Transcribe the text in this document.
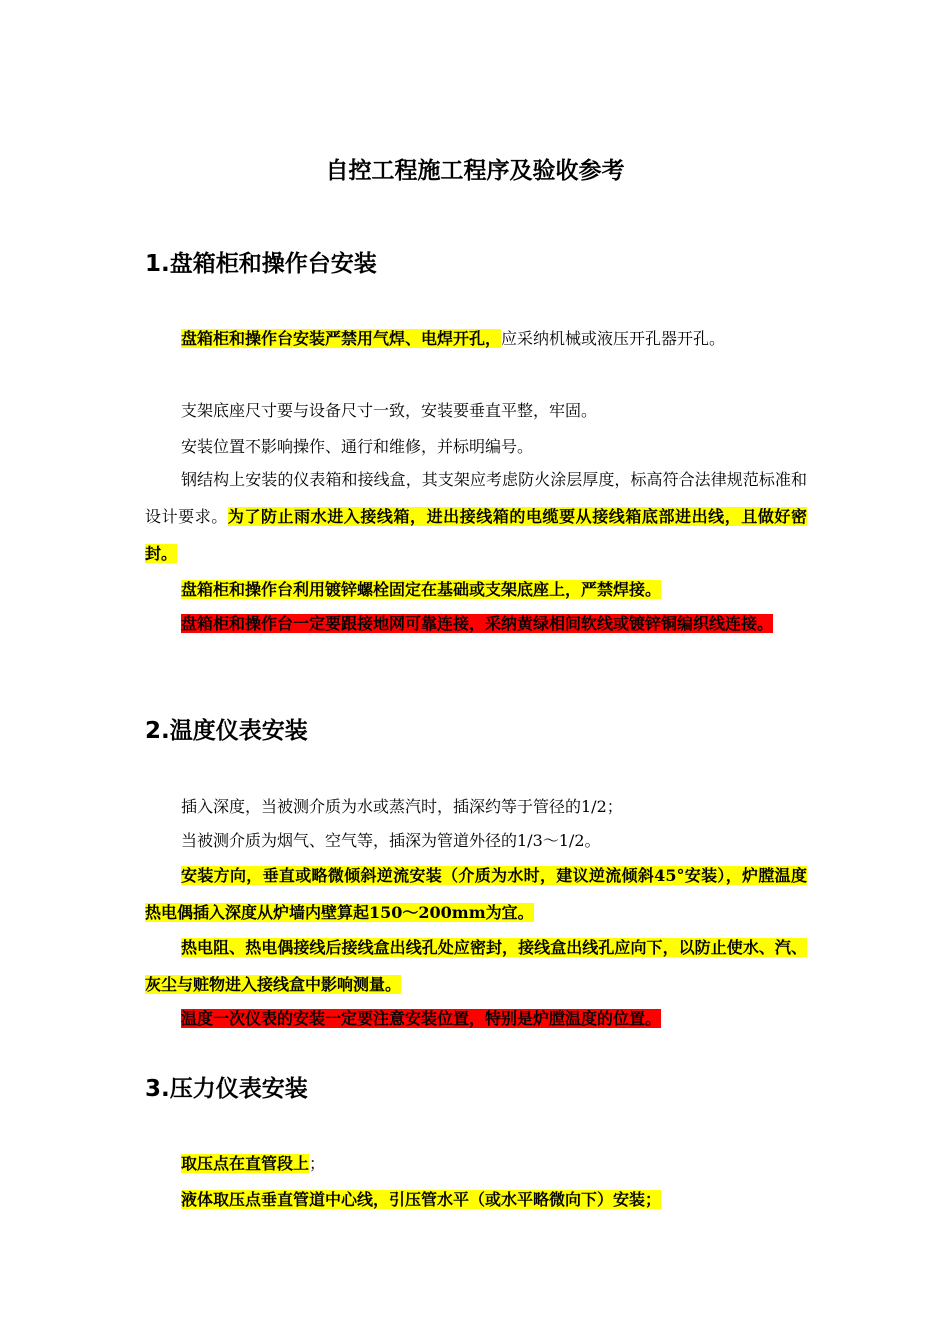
自控工程施工程序及验收参考
1.盘箱柜和操作台安装
盘箱柜和操作台安装严禁用气焊、电焊开孔，应采纳机械或液压开孔器开孔。
支架底座尺寸要与设备尺寸一致，安装要垂直平整，牢固。
安装位置不影响操作、通行和维修，并标明编号。
钢结构上安装的仪表箱和接线盒，其支架应考虑防火涂层厚度，标高符合法律规范标准和设计要求。为了防止雨水进入接线箱，进出接线箱的电缆要从接线箱底部进出线，且做好密封。
盘箱柜和操作台利用镀锌螺栓固定在基础或支架底座上，严禁焊接。
盘箱柜和操作台一定要跟接地网可靠连接，采纳黄绿相间软线或镀锌铜编织线连接。
2.温度仪表安装
插入深度，当被测介质为水或蒸汽时，插深约等于管径的1/2；
当被测介质为烟气、空气等，插深为管道外径的1/3～1/2。
安装方向，垂直或略微倾斜逆流安装（介质为水时，建议逆流倾斜45°安装），炉膛温度热电偶插入深度从炉墙内壁算起150～200mm为宜。
热电阻、热电偶接线后接线盒出线孔处应密封，接线盒出线孔应向下，以防止使水、汽、灰尘与赃物进入接线盒中影响测量。
温度一次仪表的安装一定要注意安装位置，特别是炉膛温度的位置。
3.压力仪表安装
取压点在直管段上；
液体取压点垂直管道中心线，引压管水平（或水平略微向下）安装；
